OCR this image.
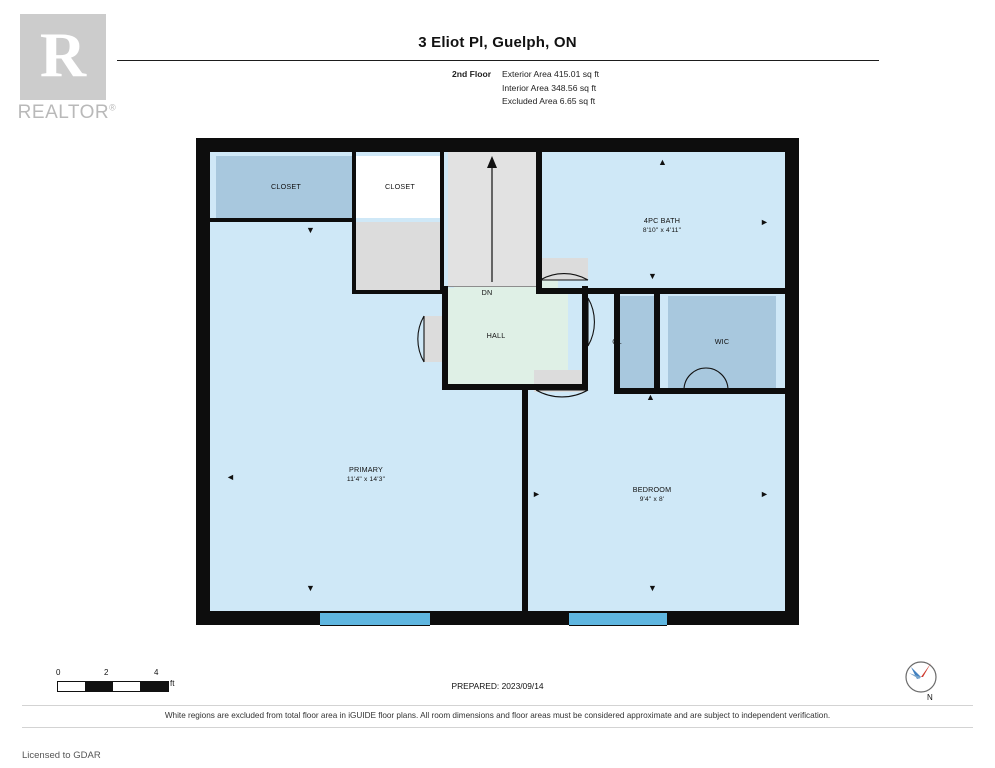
R
REALTOR®
3 Eliot Pl, Guelph, ON
2nd Floor Exterior Area 415.01 sq ft
Interior Area 348.56 sq ft
Excluded Area 6.65 sq ft
▼
▲
►
▼
▲
◄
▼
►	►
▼
CLOSET	CLOSET
4PC BATH
8'10" x 4'11"
DN
HALL
CL	WIC
PRIMARY
11'4" x 14'3"
BEDROOM
9'4" x 8'
0	2	4
ft	PREPARED: 2023/09/14
N
White regions are excluded from total floor area in iGUIDE floor plans. All room dimensions and floor areas must be considered approximate and are subject to independent verification.
Licensed to GDAR
